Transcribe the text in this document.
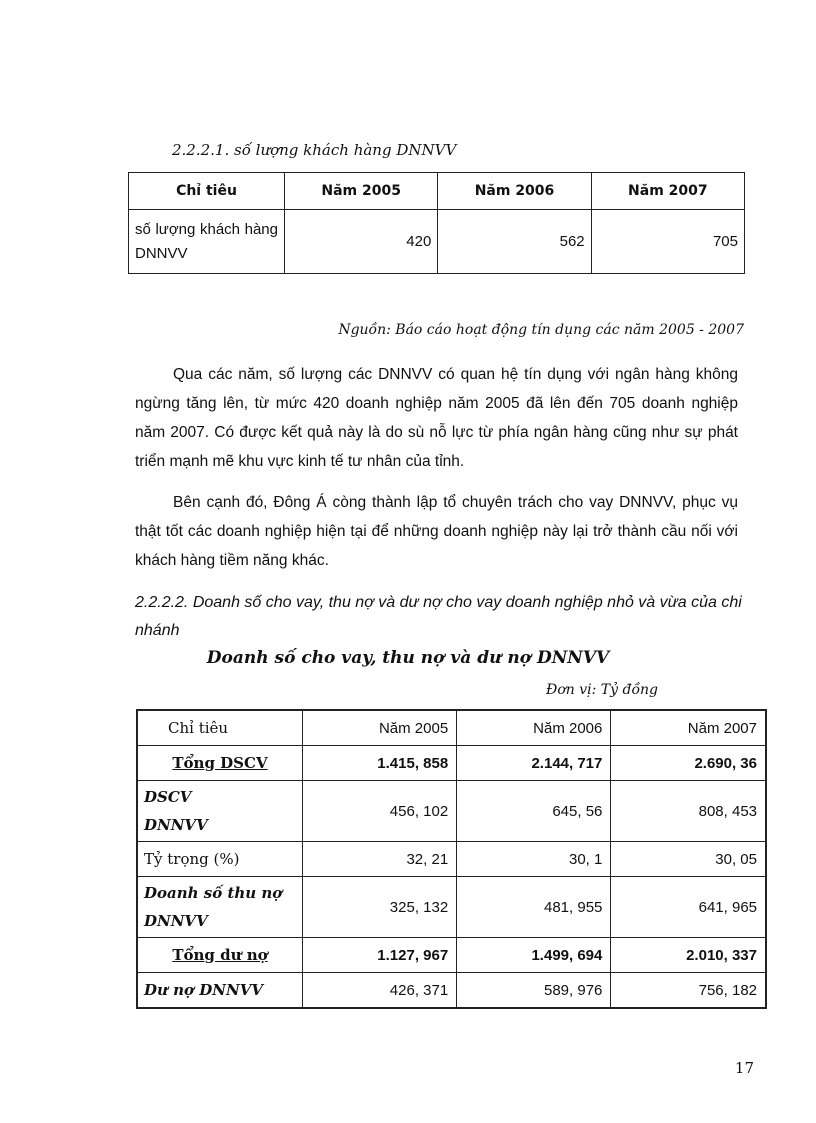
2.2.2.1. số lượng khách hàng DNNVV
Chỉ tiêu	Năm 2005	Năm 2006	Năm 2007
số lượng khách hàng DNNVV	420	562	705
Nguồn: Báo cáo hoạt động tín dụng các năm 2005 - 2007

Qua các năm, số lượng các DNNVV có quan hệ tín dụng với ngân hàng không ngừng tăng lên, từ mức 420 doanh nghiệp năm 2005 đã lên đến 705 doanh nghiệp năm 2007. Có được kết quả này là do sù nỗ lực từ phía ngân hàng cũng như sự phát triển mạnh mẽ khu vực kinh tế tư nhân của tỉnh.

Bên cạnh đó, Đông Á còng thành lập tổ chuyên trách cho vay DNNVV, phục vụ thật tốt các doanh nghiệp hiện tại để những doanh nghiệp này lại trở thành cầu nối với khách hàng tiềm năng khác.

2.2.2.2. Doanh số cho vay, thu nợ và dư nợ cho vay doanh nghiệp nhỏ và vừa của chi nhánh
Doanh số cho vay, thu nợ và dư nợ DNNVV
Đơn vị: Tỷ đồng
Chỉ tiêu	Năm 2005	Năm 2006	Năm 2007
Tổng DSCV	1.415, 858	2.144, 717	2.690, 36
DSCV
DNNVV	456, 102	645, 56	808, 453
Tỷ trọng (%)	32, 21	30, 1	30, 05
Doanh số thu nợ
DNNVV	325, 132	481, 955	641, 965
Tổng dư nợ	1.127, 967	1.499, 694	2.010, 337
Dư nợ DNNVV	426, 371	589, 976	756, 182
17
